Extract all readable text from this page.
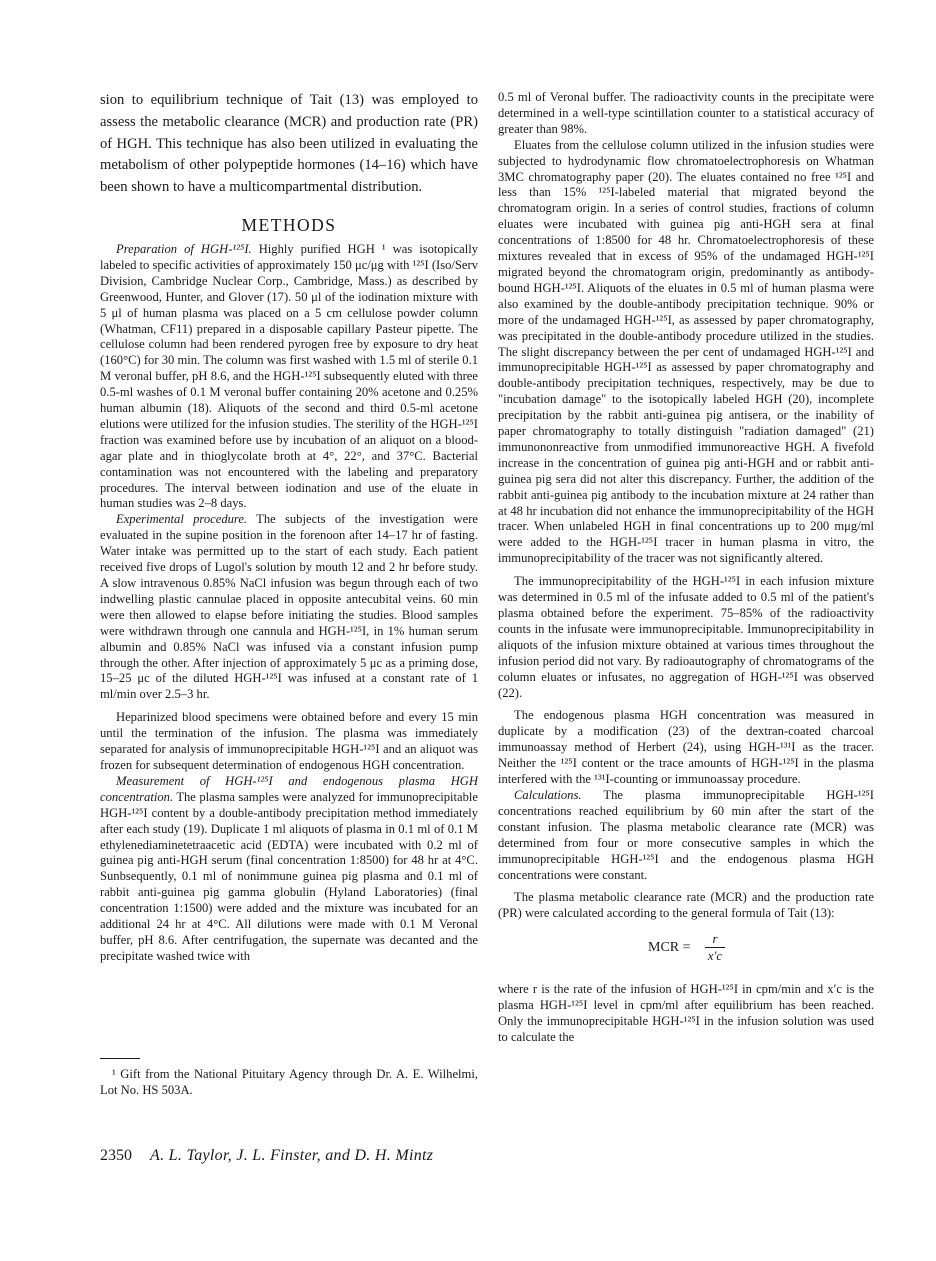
sion to equilibrium technique of Tait (13) was employed to assess the metabolic clearance (MCR) and production rate (PR) of HGH. This technique has also been utilized in evaluating the metabolism of other polypeptide hormones (14–16) which have been shown to have a multicompartmental distribution.

METHODS

Preparation of HGH-¹²⁵I. Highly purified HGH ¹ was isotopically labeled to specific activities of approximately 150 μc/μg with ¹²⁵I (Iso/Serv Division, Cambridge Nuclear Corp., Cambridge, Mass.) as described by Greenwood, Hunter, and Glover (17). 50 μl of the iodination mixture with 5 μl of human plasma was placed on a 5 cm cellulose powder column (Whatman, CF11) prepared in a disposable capillary Pasteur pipette. The cellulose column had been rendered pyrogen free by exposure to dry heat (160°C) for 30 min. The column was first washed with 1.5 ml of sterile 0.1 M veronal buffer, pH 8.6, and the HGH-¹²⁵I subsequently eluted with three 0.5-ml washes of 0.1 M veronal buffer containing 20% acetone and 0.25% human albumin (18). Aliquots of the second and third 0.5-ml acetone elutions were utilized for the infusion studies. The sterility of the HGH-¹²⁵I fraction was examined before use by incubation of an aliquot on a blood-agar plate and in thioglycolate broth at 4°, 22°, and 37°C. Bacterial contamination was not encountered with the labeling and preparatory procedures. The interval between iodination and use of the eluate in human studies was 2–8 days.

Experimental procedure. The subjects of the investigation were evaluated in the supine position in the forenoon after 14–17 hr of fasting. Water intake was permitted up to the start of each study. Each patient received five drops of Lugol's solution by mouth 12 and 2 hr before study. A slow intravenous 0.85% NaCl infusion was begun through each of two indwelling plastic cannulae placed in opposite antecubital veins. 60 min were then allowed to elapse before initiating the studies. Blood samples were withdrawn through one cannula and HGH-¹²⁵I, in 1% human serum albumin and 0.85% NaCl was infused via a constant infusion pump through the other. After injection of approximately 5 μc as a priming dose, 15–25 μc of the diluted HGH-¹²⁵I was infused at a constant rate of 1 ml/min over 2.5–3 hr.

Heparinized blood specimens were obtained before and every 15 min until the termination of the infusion. The plasma was immediately separated for analysis of immunoprecipitable HGH-¹²⁵I and an aliquot was frozen for subsequent determination of endogenous HGH concentration.

Measurement of HGH-¹²⁵I and endogenous plasma HGH concentration. The plasma samples were analyzed for immunoprecipitable HGH-¹²⁵I content by a double-antibody precipitation method immediately after each study (19). Duplicate 1 ml aliquots of plasma in 0.1 ml of 0.1 M ethylenediaminetetraacetic acid (EDTA) were incubated with 0.2 ml of guinea pig anti-HGH serum (final concentration 1:8500) for 48 hr at 4°C. Sunbsequently, 0.1 ml of nonimmune guinea pig plasma and 0.1 ml of rabbit anti-guinea pig gamma globulin (Hyland Laboratories) (final concentration 1:1500) were added and the mixture was incubated for an additional 24 hr at 4°C. All dilutions were made with 0.1 M Veronal buffer, pH 8.6. After centrifugation, the supernate was decanted and the precipitate washed twice with

¹ Gift from the National Pituitary Agency through Dr. A. E. Wilhelmi, Lot No. HS 503A.

0.5 ml of Veronal buffer. The radioactivity counts in the precipitate were determined in a well-type scintillation counter to a statistical accuracy of greater than 98%.

Eluates from the cellulose column utilized in the infusion studies were subjected to hydrodynamic flow chromatoelectrophoresis on Whatman 3MC chromatography paper (20). The eluates contained no free ¹²⁵I and less than 15% ¹²⁵I-labeled material that migrated beyond the chromatogram origin. In a series of control studies, fractions of column eluates were incubated with guinea pig anti-HGH sera at final concentrations of 1:8500 for 48 hr. Chromatoelectrophoresis of these mixtures revealed that in excess of 95% of the undamaged HGH-¹²⁵I migrated beyond the chromatogram origin, predominantly as antibody-bound HGH-¹²⁵I. Aliquots of the eluates in 0.5 ml of human plasma were also examined by the double-antibody precipitation technique. 90% or more of the undamaged HGH-¹²⁵I, as assessed by paper chromatography, was precipitated in the double-antibody procedure utilized in the studies. The slight discrepancy between the per cent of undamaged HGH-¹²⁵I and immunoprecipitable HGH-¹²⁵I as assessed by paper chromatography and double-antibody precipitation techniques, respectively, may be due to "incubation damage" to the isotopically labeled HGH (20), incomplete precipitation by the rabbit anti-guinea pig antisera, or the inability of paper chromatography to totally distinguish "radiation damaged" (21) immunononreactive from unmodified immunoreactive HGH. A fivefold increase in the concentration of guinea pig anti-HGH and or rabbit anti-guinea pig sera did not alter this discrepancy. Further, the addition of the rabbit anti-guinea pig antibody to the incubation mixture at 24 rather than at 48 hr incubation did not enhance the immunoprecipitability of the HGH tracer. When unlabeled HGH in final concentrations up to 200 mμg/ml were added to the HGH-¹²⁵I tracer in human plasma in vitro, the immunoprecipitability of the tracer was not significantly altered.

The immunoprecipitability of the HGH-¹²⁵I in each infusion mixture was determined in 0.5 ml of the infusate added to 0.5 ml of the patient's plasma obtained before the experiment. 75–85% of the radioactivity counts in the infusate were immunoprecipitable. Immunoprecipitability in aliquots of the infusion mixture obtained at various times throughout the infusion period did not vary. By radioautography of chromatograms of the column eluates or infusates, no aggregation of HGH-¹²⁵I was observed (22).

The endogenous plasma HGH concentration was measured in duplicate by a modification (23) of the dextran-coated charcoal immunoassay method of Herbert (24), using HGH-¹³¹I as the tracer. Neither the ¹²⁵I content or the trace amounts of HGH-¹²⁵I in the plasma interfered with the ¹³¹I-counting or immunoassay procedure.

Calculations. The plasma immunoprecipitable HGH-¹²⁵I concentrations reached equilibrium by 60 min after the start of the constant infusion. The plasma metabolic clearance rate (MCR) was determined from four or more consecutive samples in which the immunoprecipitable HGH-¹²⁵I and the endogenous plasma HGH concentrations were constant.

The plasma metabolic clearance rate (MCR) and the production rate (PR) were calculated according to the general formula of Tait (13):

MCR =
r
x′c

where r is the rate of the infusion of HGH-¹²⁵I in cpm/min and x′c is the plasma HGH-¹²⁵I level in cpm/ml after equilibrium has been reached. Only the immunoprecipitable HGH-¹²⁵I in the infusion solution was used to calculate the

2350 A. L. Taylor, J. L. Finster, and D. H. Mintz
